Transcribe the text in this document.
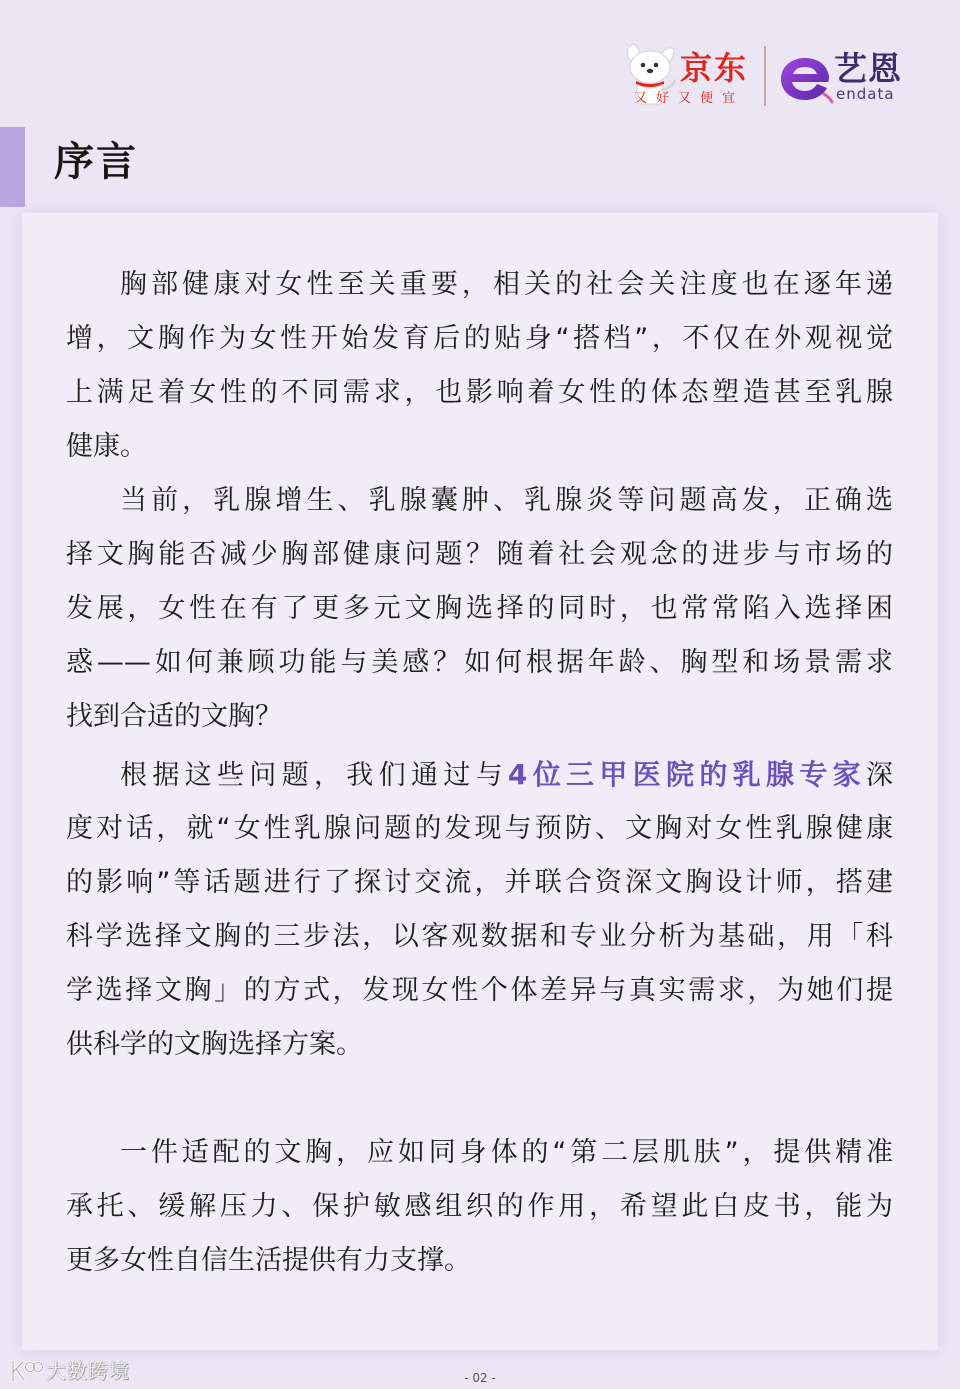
京东
又好又便宜
艺恩
endata
序言
胸部健康对女性至关重要，相关的社会关注度也在逐年递
增，文胸作为女性开始发育后的贴身“搭档”，不仅在外观视觉
上满足着女性的不同需求，也影响着女性的体态塑造甚至乳腺
健康。
当前，乳腺增生、乳腺囊肿、乳腺炎等问题高发，正确选
择文胸能否减少胸部健康问题？随着社会观念的进步与市场的
发展，女性在有了更多元文胸选择的同时，也常常陷入选择困
惑——如何兼顾功能与美感？如何根据年龄、胸型和场景需求
找到合适的文胸？
根据这些问题，我们通过与4位三甲医院的乳腺专家深
度对话，就“女性乳腺问题的发现与预防、文胸对女性乳腺健康
的影响”等话题进行了探讨交流，并联合资深文胸设计师，搭建
科学选择文胸的三步法，以客观数据和专业分析为基础，用「科
学选择文胸」的方式，发现女性个体差异与真实需求，为她们提
供科学的文胸选择方案。
一件适配的文胸，应如同身体的“第二层肌肤”，提供精准
承托、缓解压力、保护敏感组织的作用，希望此白皮书，能为
更多女性自信生活提供有力支撑。
- 02 -
大数跨境
